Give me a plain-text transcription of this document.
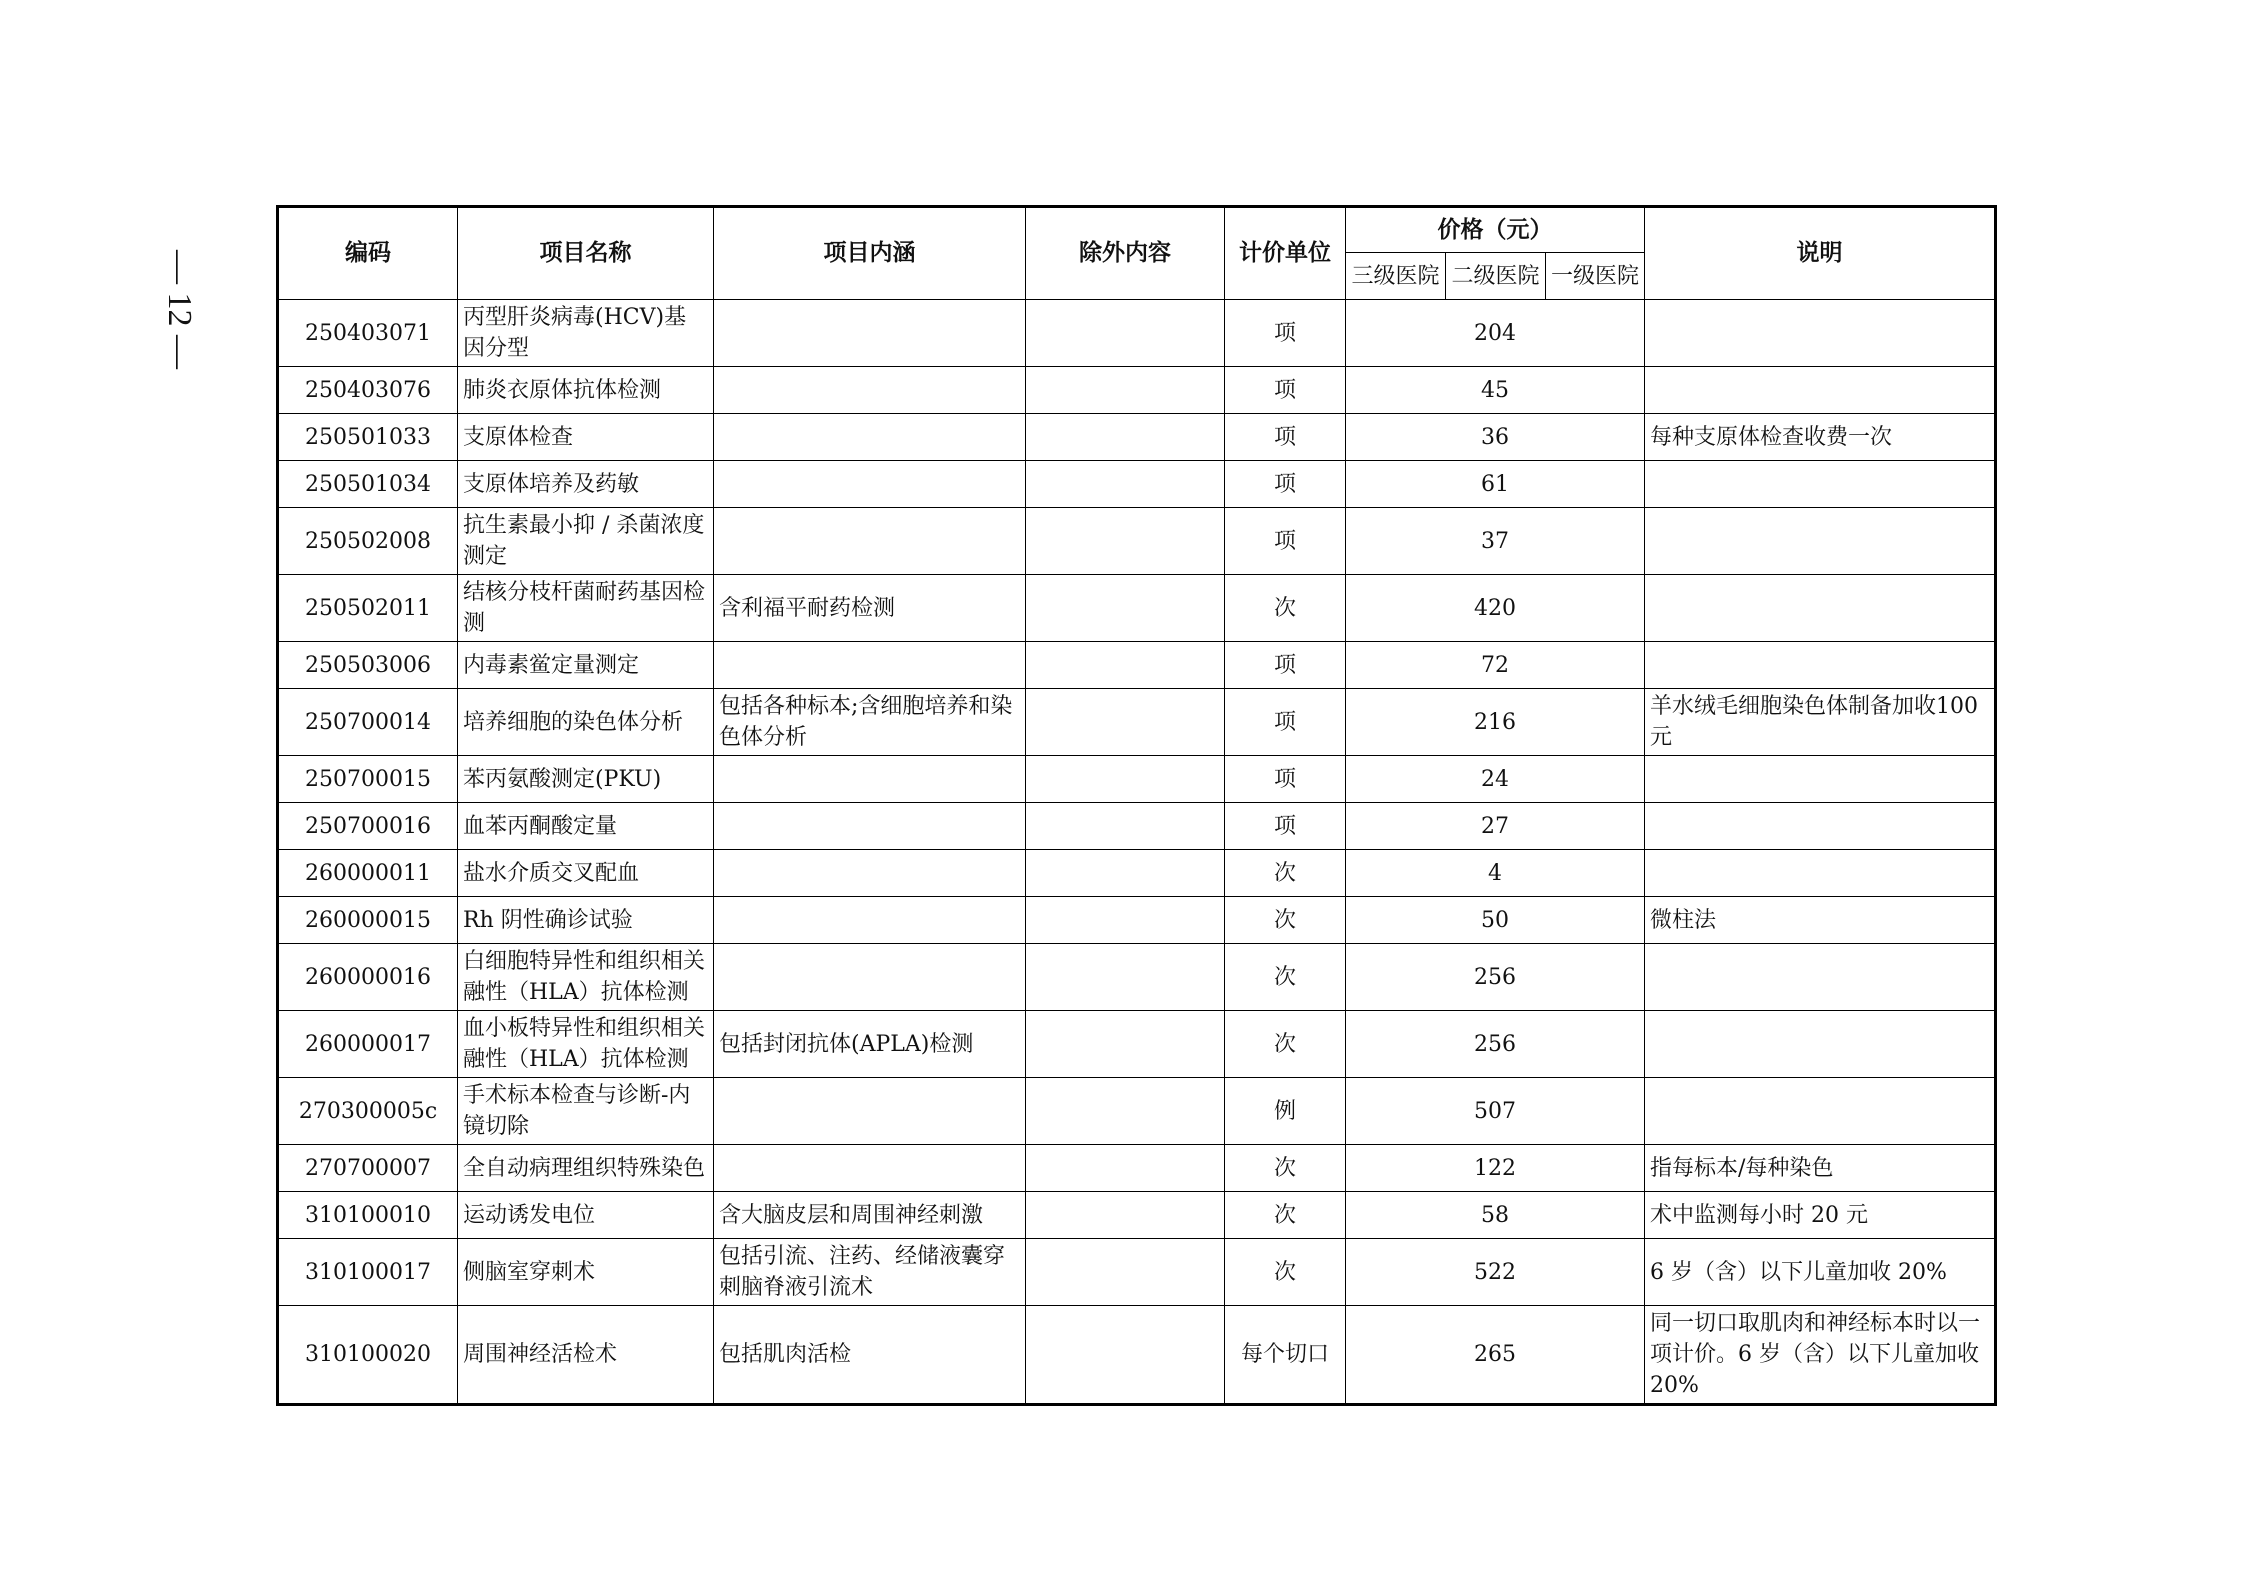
— 12 —	编码	项目名称	项目内涵	除外内容	计价单位	价格（元）			说明
					三级医院	二级医院	一级医院	
250403071	丙型肝炎病毒(HCV)基因分型			项	204			
250403076	肺炎衣原体抗体检测			项	45			
250501033	支原体检查			项	36			每种支原体检查收费一次
250501034	支原体培养及药敏			项	61			
250502008	抗生素最小抑 / 杀菌浓度测定			项	37			
250502011	结核分枝杆菌耐药基因检测	含利福平耐药检测		次	420			
250503006	内毒素鲎定量测定			项	72			
250700014	培养细胞的染色体分析	包括各种标本;含细胞培养和染色体分析		项	216			羊水绒毛细胞染色体制备加收100元
250700015	苯丙氨酸测定(PKU)			项	24			
250700016	血苯丙酮酸定量			项	27			
260000011	盐水介质交叉配血			次	4			
260000015	Rh 阴性确诊试验			次	50			微柱法
260000016	白细胞特异性和组织相关融性（HLA）抗体检测			次	256			
260000017	血小板特异性和组织相关融性（HLA）抗体检测	包括封闭抗体(APLA)检测		次	256			
270300005c	手术标本检查与诊断-内镜切除			例	507			
270700007	全自动病理组织特殊染色			次	122			指每标本/每种染色
310100010	运动诱发电位	含大脑皮层和周围神经刺激		次	58			术中监测每小时 20 元
310100017	侧脑室穿刺术	包括引流、注药、经储液囊穿刺脑脊液引流术		次	522			6 岁（含）以下儿童加收 20%
310100020	周围神经活检术	包括肌肉活检		每个切口	265			同一切口取肌肉和神经标本时以一项计价。6 岁（含）以下儿童加收 20%
